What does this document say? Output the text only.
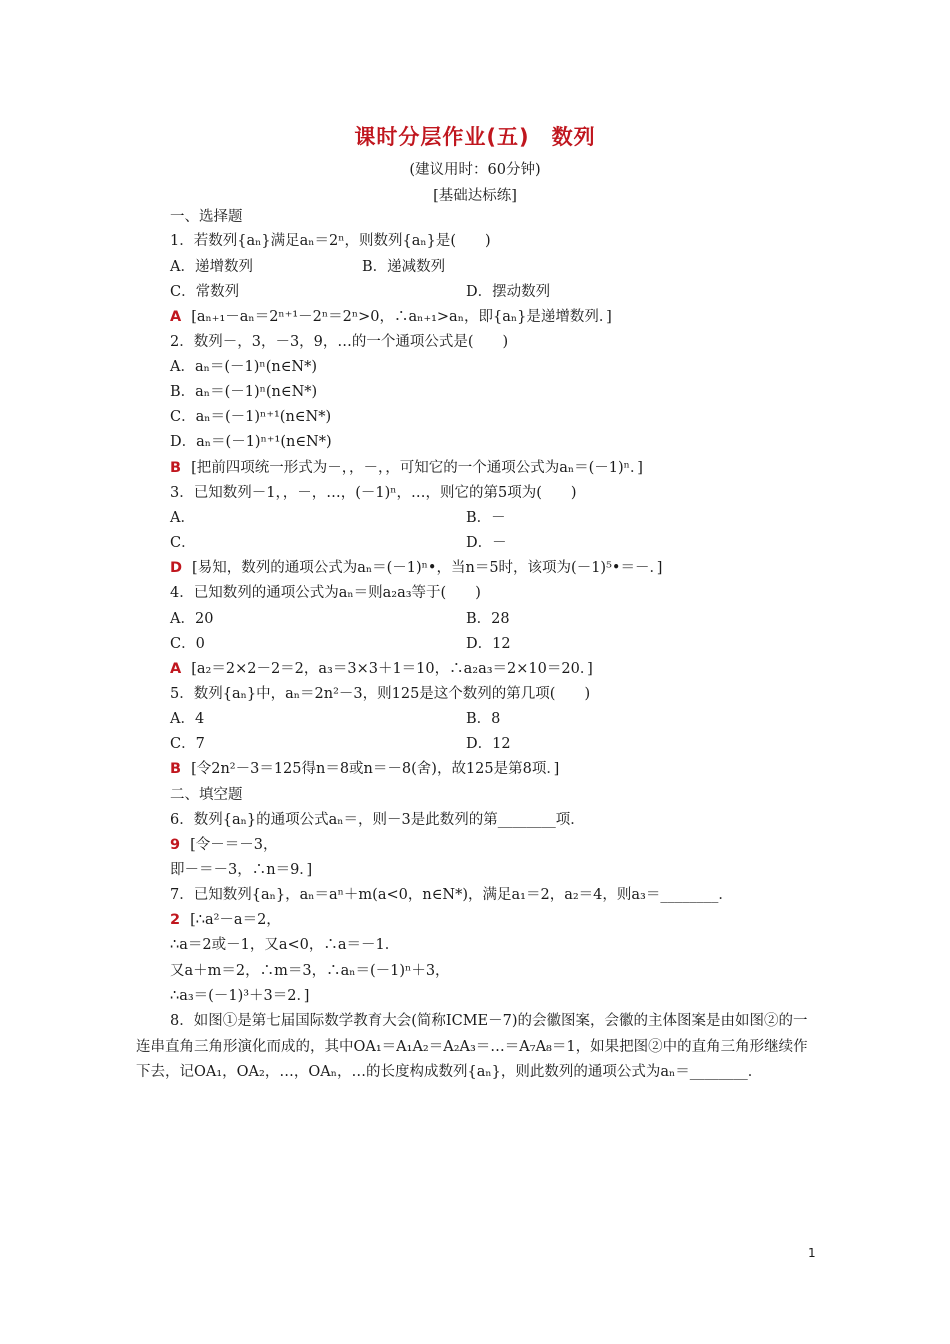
课时分层作业(五)　数列
(建议用时：60分钟)
[基础达标练]
一、选择题
1．若数列{aₙ}满足aₙ＝2ⁿ，则数列{aₙ}是(　　)
A．递增数列	B．递减数列
C．常数列	D．摆动数列
A [aₙ₊₁－aₙ＝2ⁿ⁺¹－2ⁿ＝2ⁿ>0，∴aₙ₊₁>aₙ，即{aₙ}是递增数列．]
2．数列－，3，－3，9，…的一个通项公式是(　　)
A．aₙ＝(－1)ⁿ(n∈N*)
B．aₙ＝(－1)ⁿ(n∈N*)
C．aₙ＝(－1)ⁿ⁺¹(n∈N*)
D．aₙ＝(－1)ⁿ⁺¹(n∈N*)
B [把前四项统一形式为－，，－，，可知它的一个通项公式为aₙ＝(－1)ⁿ．]
3．已知数列－1，，－，…，(－1)ⁿ，…，则它的第5项为(　　)
A．	B．－
C．	D．－
D [易知，数列的通项公式为aₙ＝(－1)ⁿ•，当n＝5时，该项为(－1)⁵•＝－．]
4．已知数列的通项公式为aₙ＝则a₂a₃等于(　　)
A．20	B．28
C．0	D．12
A [a₂＝2×2－2＝2，a₃＝3×3＋1＝10，∴a₂a₃＝2×10＝20．]
5．数列{aₙ}中，aₙ＝2n²－3，则125是这个数列的第几项(　　)
A．4	B．8
C．7	D．12
B [令2n²－3＝125得n＝8或n＝－8(舍)，故125是第8项．]
二、填空题
6．数列{aₙ}的通项公式aₙ＝，则－3是此数列的第________项．
9 [令－＝－3，
即－＝－3，∴n＝9．]
7．已知数列{aₙ}，aₙ＝aⁿ＋m(a<0，n∈N*)，满足a₁＝2，a₂＝4，则a₃＝________．
2 [∴a²－a＝2，
∴a＝2或－1，又a<0，∴a＝－1．
又a＋m＝2，∴m＝3，∴aₙ＝(－1)ⁿ＋3，
∴a₃＝(－1)³＋3＝2．]
8．如图①是第七届国际数学教育大会(简称ICME－7)的会徽图案，会徽的主体图案是由如图②的一连串直角三角形演化而成的，其中OA₁＝A₁A₂＝A₂A₃＝…＝A₇A₈＝1，如果把图②中的直角三角形继续作下去，记OA₁，OA₂，…，OAₙ，…的长度构成数列{aₙ}，则此数列的通项公式为aₙ＝________．
1
